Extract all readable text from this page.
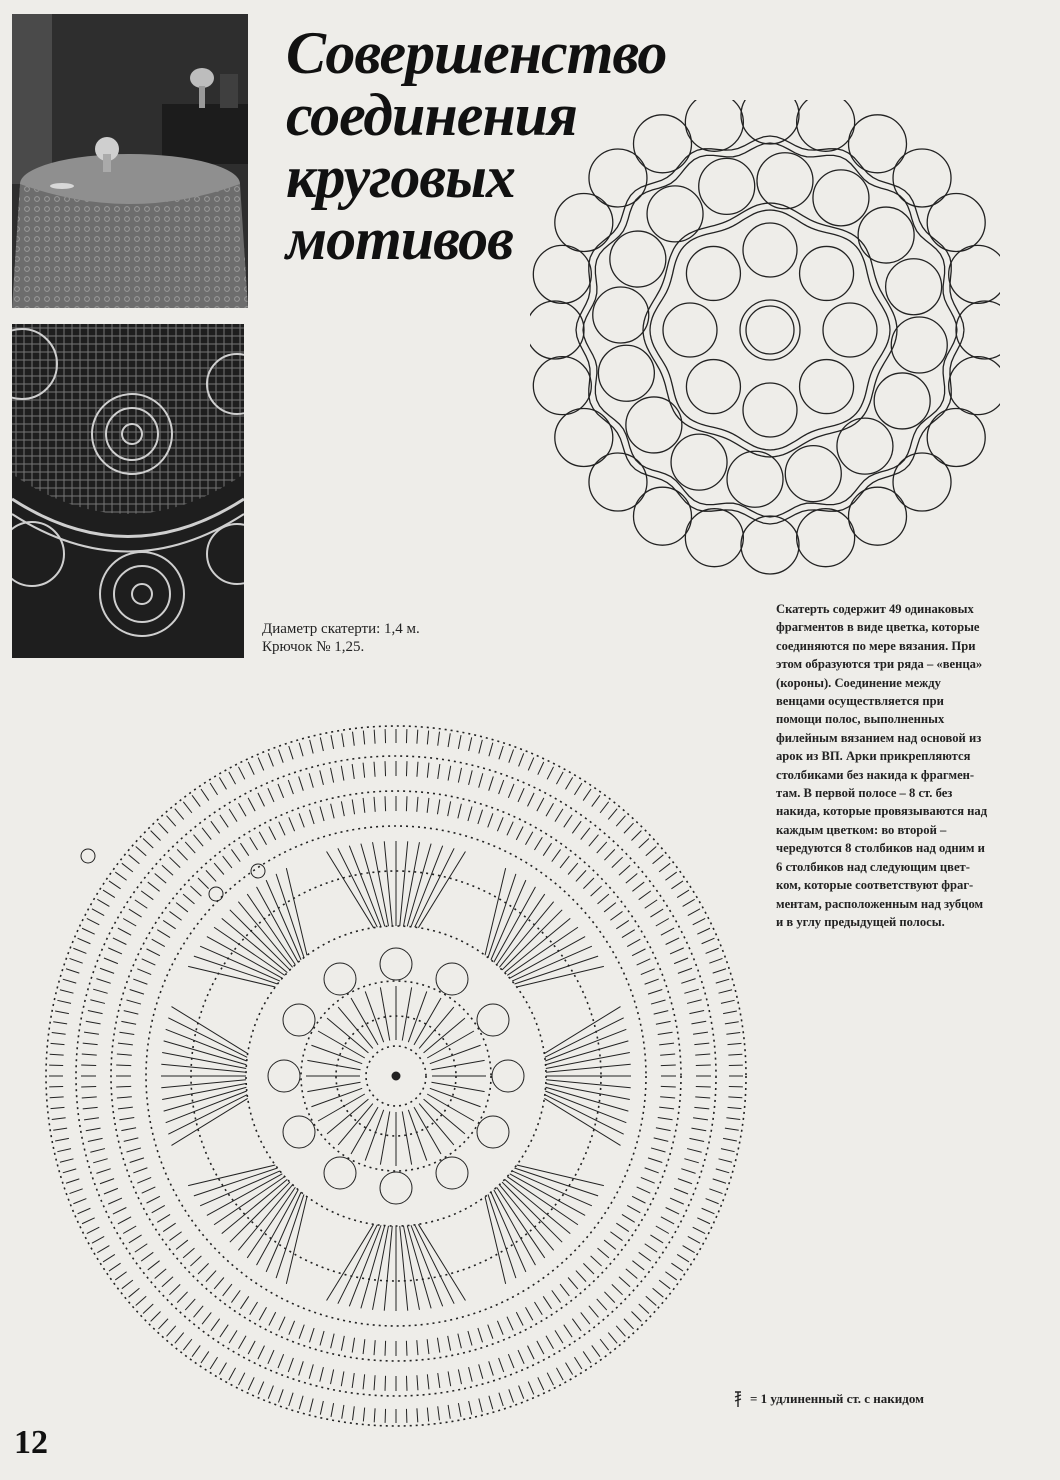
Совершенство
соединения
круговых
мотивов
Диаметр скатерти: 1,4 м.
Крючок № 1,25.
Скатерть содержит 49 одинаковых
фрагментов в виде цветка, которые
соединяются по мере вязания. При
этом образуются три ряда – «венца»
(короны). Соединение между
венцами осуществляется при
помощи полос, выполненных
филейным вязанием над основой из
арок из ВП. Арки прикрепляются
столбиками без накида к фрагмен-
там. В первой полосе – 8 ст. без
накида, которые провязываются над
каждым цветком: во второй –
чередуются 8 столбиков над одним и
6 столбиков над следующим цвет-
ком, которые соответствуют фраг-
ментам, расположенным над зубцом
и в углу предыдущей полосы.
= 1 удлиненный ст. с накидом
12
